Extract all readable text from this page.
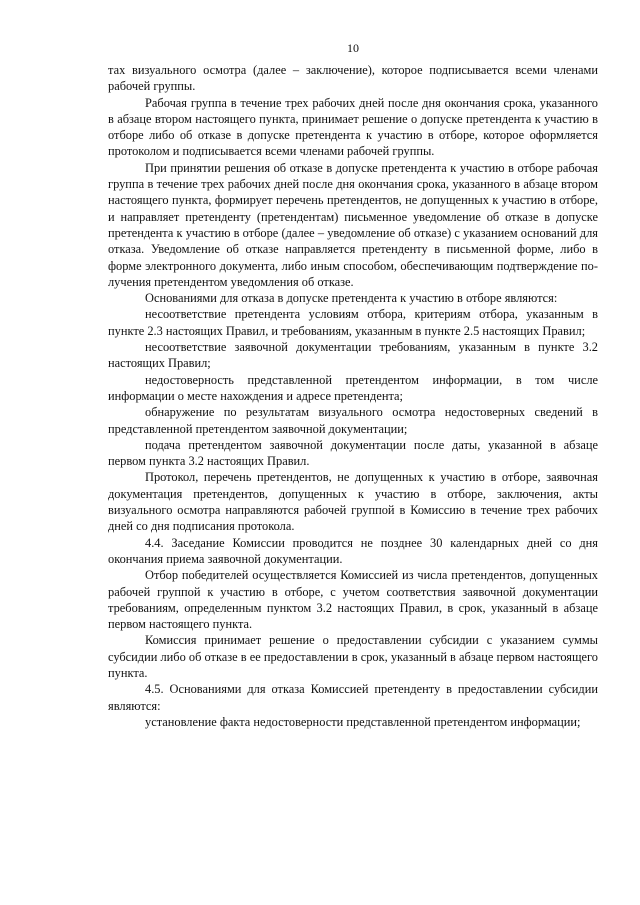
10

тах визуального осмотра (далее – заключение), которое подписывается всеми членами рабочей группы.

Рабочая группа в течение трех рабочих дней после дня окончания срока, указанного в абзаце втором настоящего пункта, принимает решение о допуске претендента к участию в отборе либо об отказе в допуске претендента к участию в отборе, которое оформляется протоколом и подписывается всеми членами рабочей группы.

При принятии решения об отказе в допуске претендента к участию в отборе рабочая группа в течение трех рабочих дней после дня окончания срока, указанного в абзаце втором настоящего пункта, формирует перечень претендентов, не допущенных к участию в отборе, и направляет претенденту (претендентам) письменное уведомление об отказе в допуске претендента к участию в отборе (далее – уведомление об отказе) с указанием оснований для отказа. Уведомление об отказе направляется претенденту в письменной форме, либо в форме электронного документа, либо иным способом, обеспечивающим подтверждение получения претендентом уведомления об отказе.

Основаниями для отказа в допуске претендента к участию в отборе являются:

несоответствие претендента условиям отбора, критериям отбора, указанным в пункте 2.3 настоящих Правил, и требованиям, указанным в пункте 2.5 настоящих Правил;

несоответствие заявочной документации требованиям, указанным в пункте 3.2 настоящих Правил;

недостоверность представленной претендентом информации, в том числе информации о месте нахождения и адресе претендента;

обнаружение по результатам визуального осмотра недостоверных сведений в представленной претендентом заявочной документации;

подача претендентом заявочной документации после даты, указанной в абзаце первом пункта 3.2 настоящих Правил.

Протокол, перечень претендентов, не допущенных к участию в отборе, заявочная документация претендентов, допущенных к участию в отборе, заключения, акты визуального осмотра направляются рабочей группой в Комиссию в течение трех рабочих дней со дня подписания протокола.

4.4. Заседание Комиссии проводится не позднее 30 календарных дней со дня окончания приема заявочной документации.

Отбор победителей осуществляется Комиссией из числа претендентов, допущенных рабочей группой к участию в отборе, с учетом соответствия заявочной документации требованиям, определенным пунктом 3.2 настоящих Правил, в срок, указанный в абзаце первом настоящего пункта.

Комиссия принимает решение о предоставлении субсидии с указанием суммы субсидии либо об отказе в ее предоставлении в срок, указанный в абзаце первом настоящего пункта.

4.5. Основаниями для отказа Комиссией претенденту в предоставлении субсидии являются:

установление факта недостоверности представленной претендентом информации;
